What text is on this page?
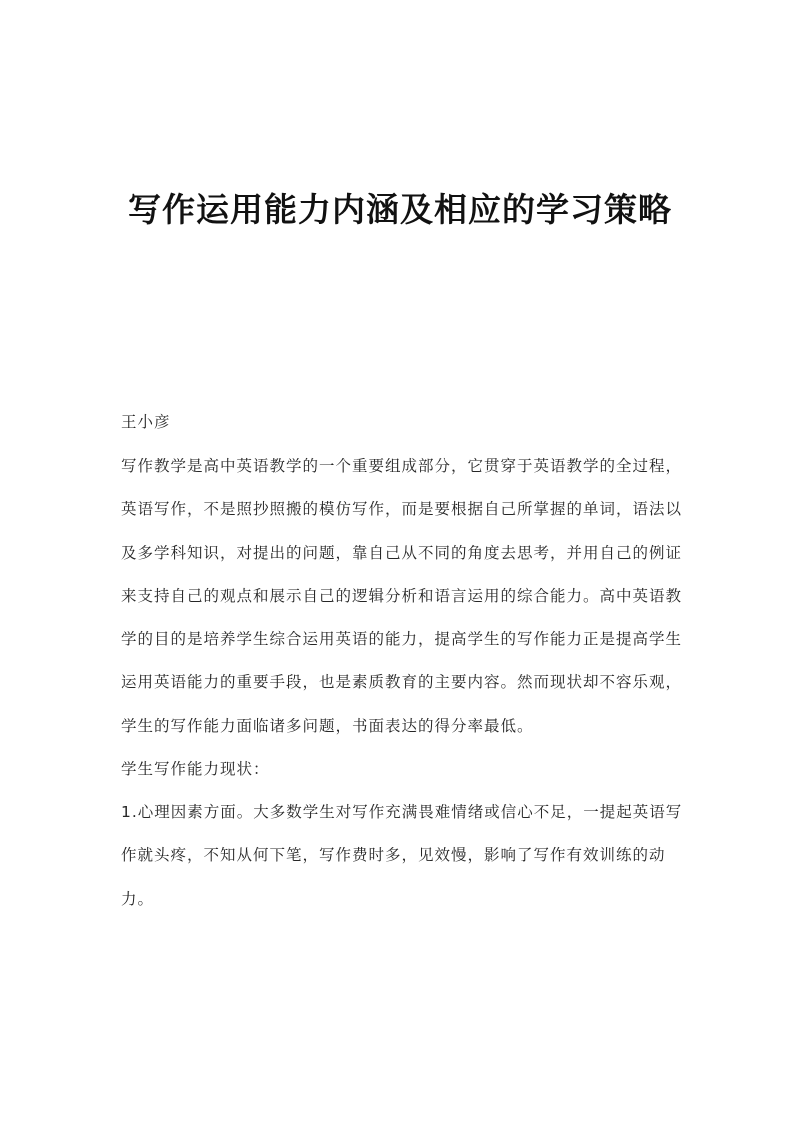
写作运用能力内涵及相应的学习策略
王小彦
写作教学是高中英语教学的一个重要组成部分，它贯穿于英语教学的全过程，
英语写作，不是照抄照搬的模仿写作，而是要根据自己所掌握的单词，语法以
及多学科知识，对提出的问题，靠自己从不同的角度去思考，并用自己的例证
来支持自己的观点和展示自己的逻辑分析和语言运用的综合能力。高中英语教
学的目的是培养学生综合运用英语的能力，提高学生的写作能力正是提高学生
运用英语能力的重要手段，也是素质教育的主要内容。然而现状却不容乐观，
学生的写作能力面临诸多问题，书面表达的得分率最低。
学生写作能力现状：
1.心理因素方面。大多数学生对写作充满畏难情绪或信心不足，一提起英语写
作就头疼，不知从何下笔，写作费时多，见效慢，影响了写作有效训练的动
力。
